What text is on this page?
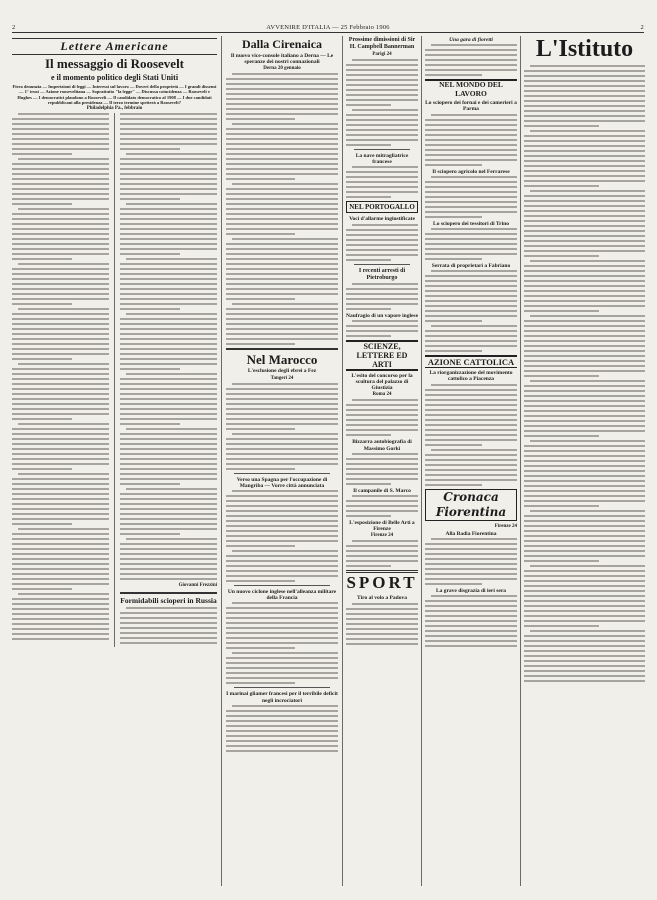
2	AVVENIRE D'ITALIA — 25 Febbraio 1906	2
Lettere Americane
Il messaggio di Roosevelt
e il momento politico degli Stati Uniti
Fiera denunzia — Imperizioni di leggi — Interessi sul lavoro — Doveri della proprietà — I grandi dissensi — 1° trust — Azione rooseveltiana — Soprattutto "la legge" — Discussa coincidenza — Roosevelt e Hughes — I democratici plaudono a Roosevelt — Il candidato democratico al 1908 — I due candidati repubblicani alla presidenza — Il terzo termine spetterà a Roosevelt?
Philadelphia Pa., febbraio
Giovanni Frezzini
Formidabili scioperi in Russia
Dalla Cirenaica
Il nuovo vice-console italiano a Derna — Le speranze dei nostri connazionali
Derna 20 gennaio
Nel Marocco
L'esclusione degli ebrei a Fez
Tangeri 24
Verso una Spagna per l'occupazione di Mangrìba — Vorre città annunciata
Un nuovo ciclone inglese nell'alleanza militare della Francia
I marinai gliamer francesi per il terribile deficit negli incrociatori
Prossime dimissioni di Sir H. Campbell Bannerman
Parigi 24
La nave mitragliatrice francese
NEL PORTOGALLO
Voci d'allarme ingiustificate
I recenti arresti di Pietroburgo
Naufragio di un vapore inglese
SCIENZE, LETTERE ED ARTI
L'esito del concorso per la scultura del palazzo di Giustizia
Roma 24
Bizzarra autobiografia di Massimo Gorki
Il campanile di S. Marco
L'esposizione di Belle Arti a Firenze
Firenze 24
SPORT
Tiro al volo a Padova
Una gara di fioretti
NEL MONDO DEL LAVORO
Lo sciopero dei fornai e dei camerieri a Parma
Il sciopero agricolo nel Ferrarese
Lo sciopero dei tessitori di Trino
Serrata di proprietari a Fabriano
AZIONE CATTOLICA
La riorganizzazione del movimento cattolico a Piacenza
Cronaca Fiorentina
Firenze 24
Alla Badia Fiorentina
La grave disgrazia di ieri sera
L'Istituto
